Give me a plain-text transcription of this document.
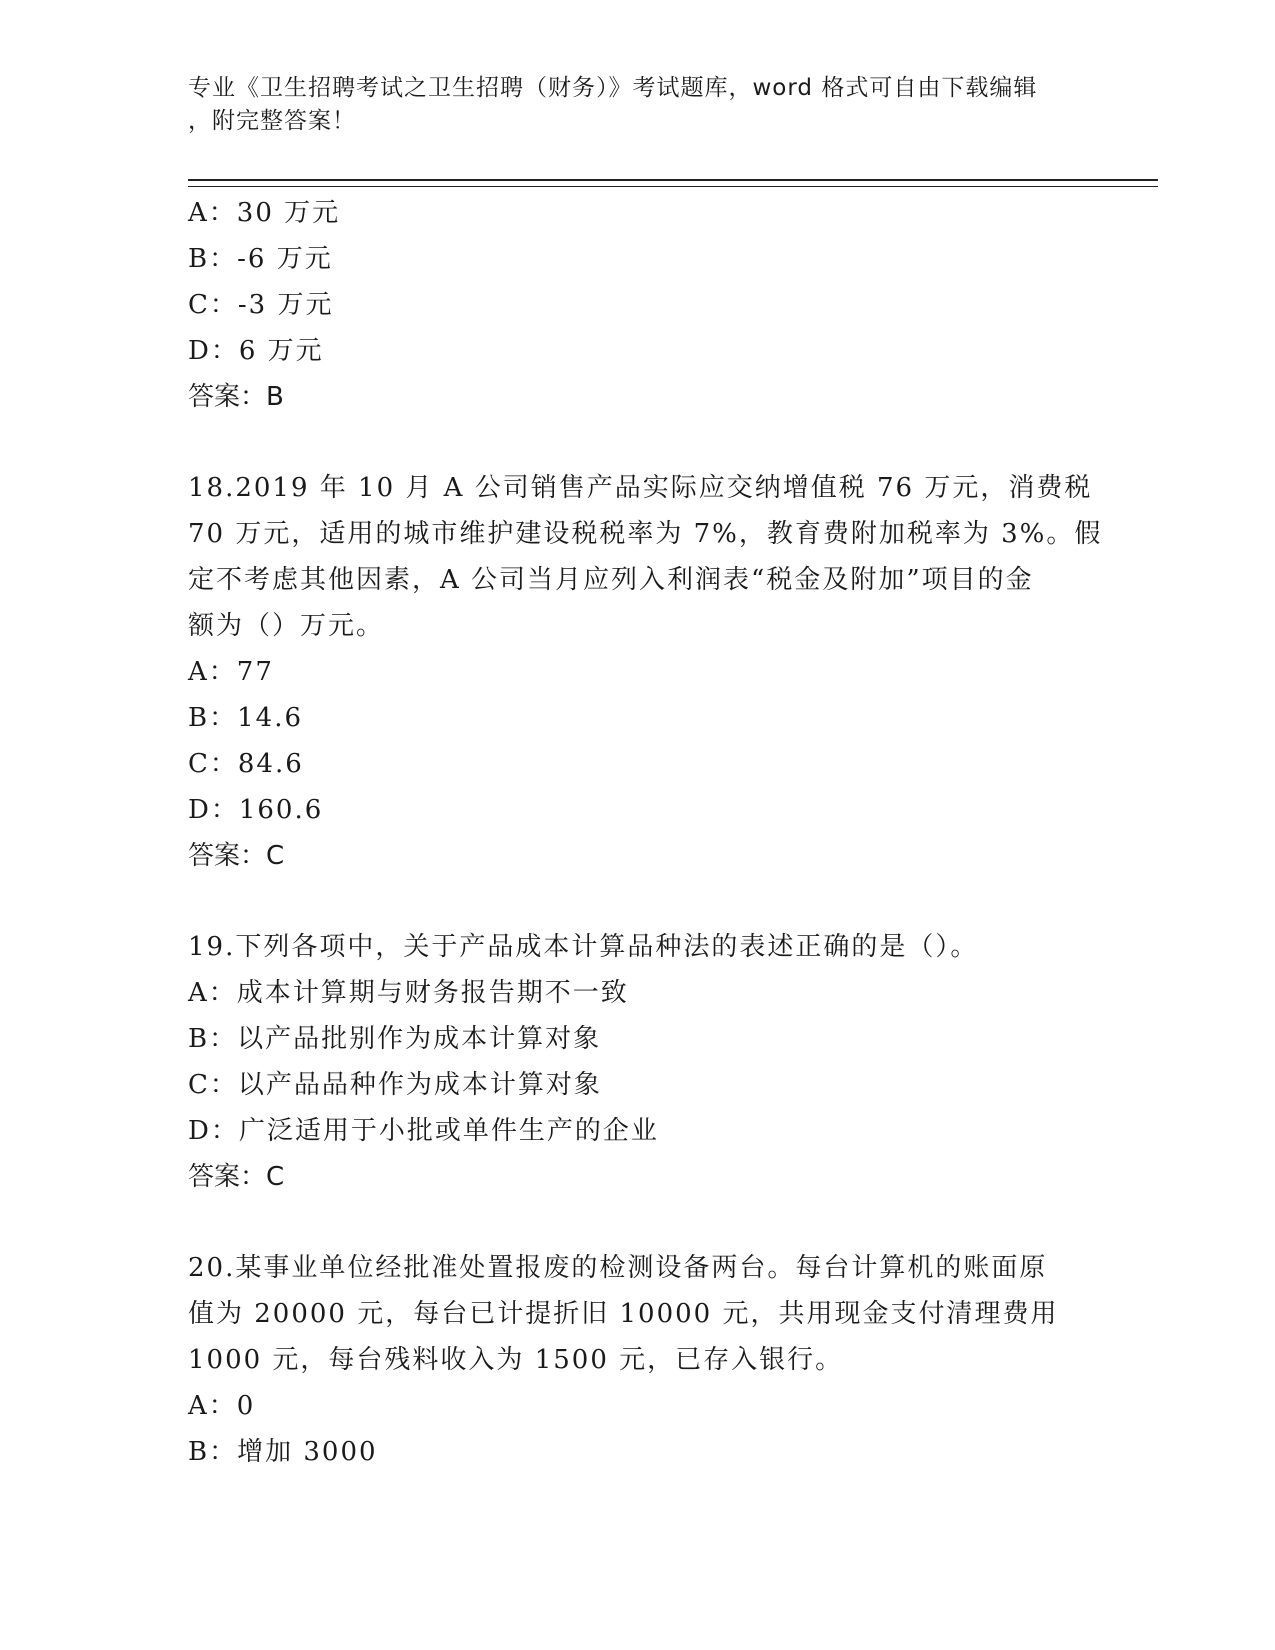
专业《卫生招聘考试之卫生招聘（财务）》考试题库，word 格式可自由下载编辑
，附完整答案！
A：30 万元
B：-6 万元
C：-3 万元
D：6 万元
答案：B
18.2019 年 10 月 A 公司销售产品实际应交纳增值税 76 万元，消费税
70 万元，适用的城市维护建设税税率为 7%，教育费附加税率为 3%。假
定不考虑其他因素，A 公司当月应列入利润表“税金及附加”项目的金
额为（）万元。
A：77
B：14.6
C：84.6
D：160.6
答案：C
19.下列各项中，关于产品成本计算品种法的表述正确的是（）。
A：成本计算期与财务报告期不一致
B：以产品批别作为成本计算对象
C：以产品品种作为成本计算对象
D：广泛适用于小批或单件生产的企业
答案：C
20.某事业单位经批准处置报废的检测设备两台。每台计算机的账面原
值为 20000 元，每台已计提折旧 10000 元，共用现金支付清理费用
1000 元，每台残料收入为 1500 元，已存入银行。
A：0
B：增加 3000
